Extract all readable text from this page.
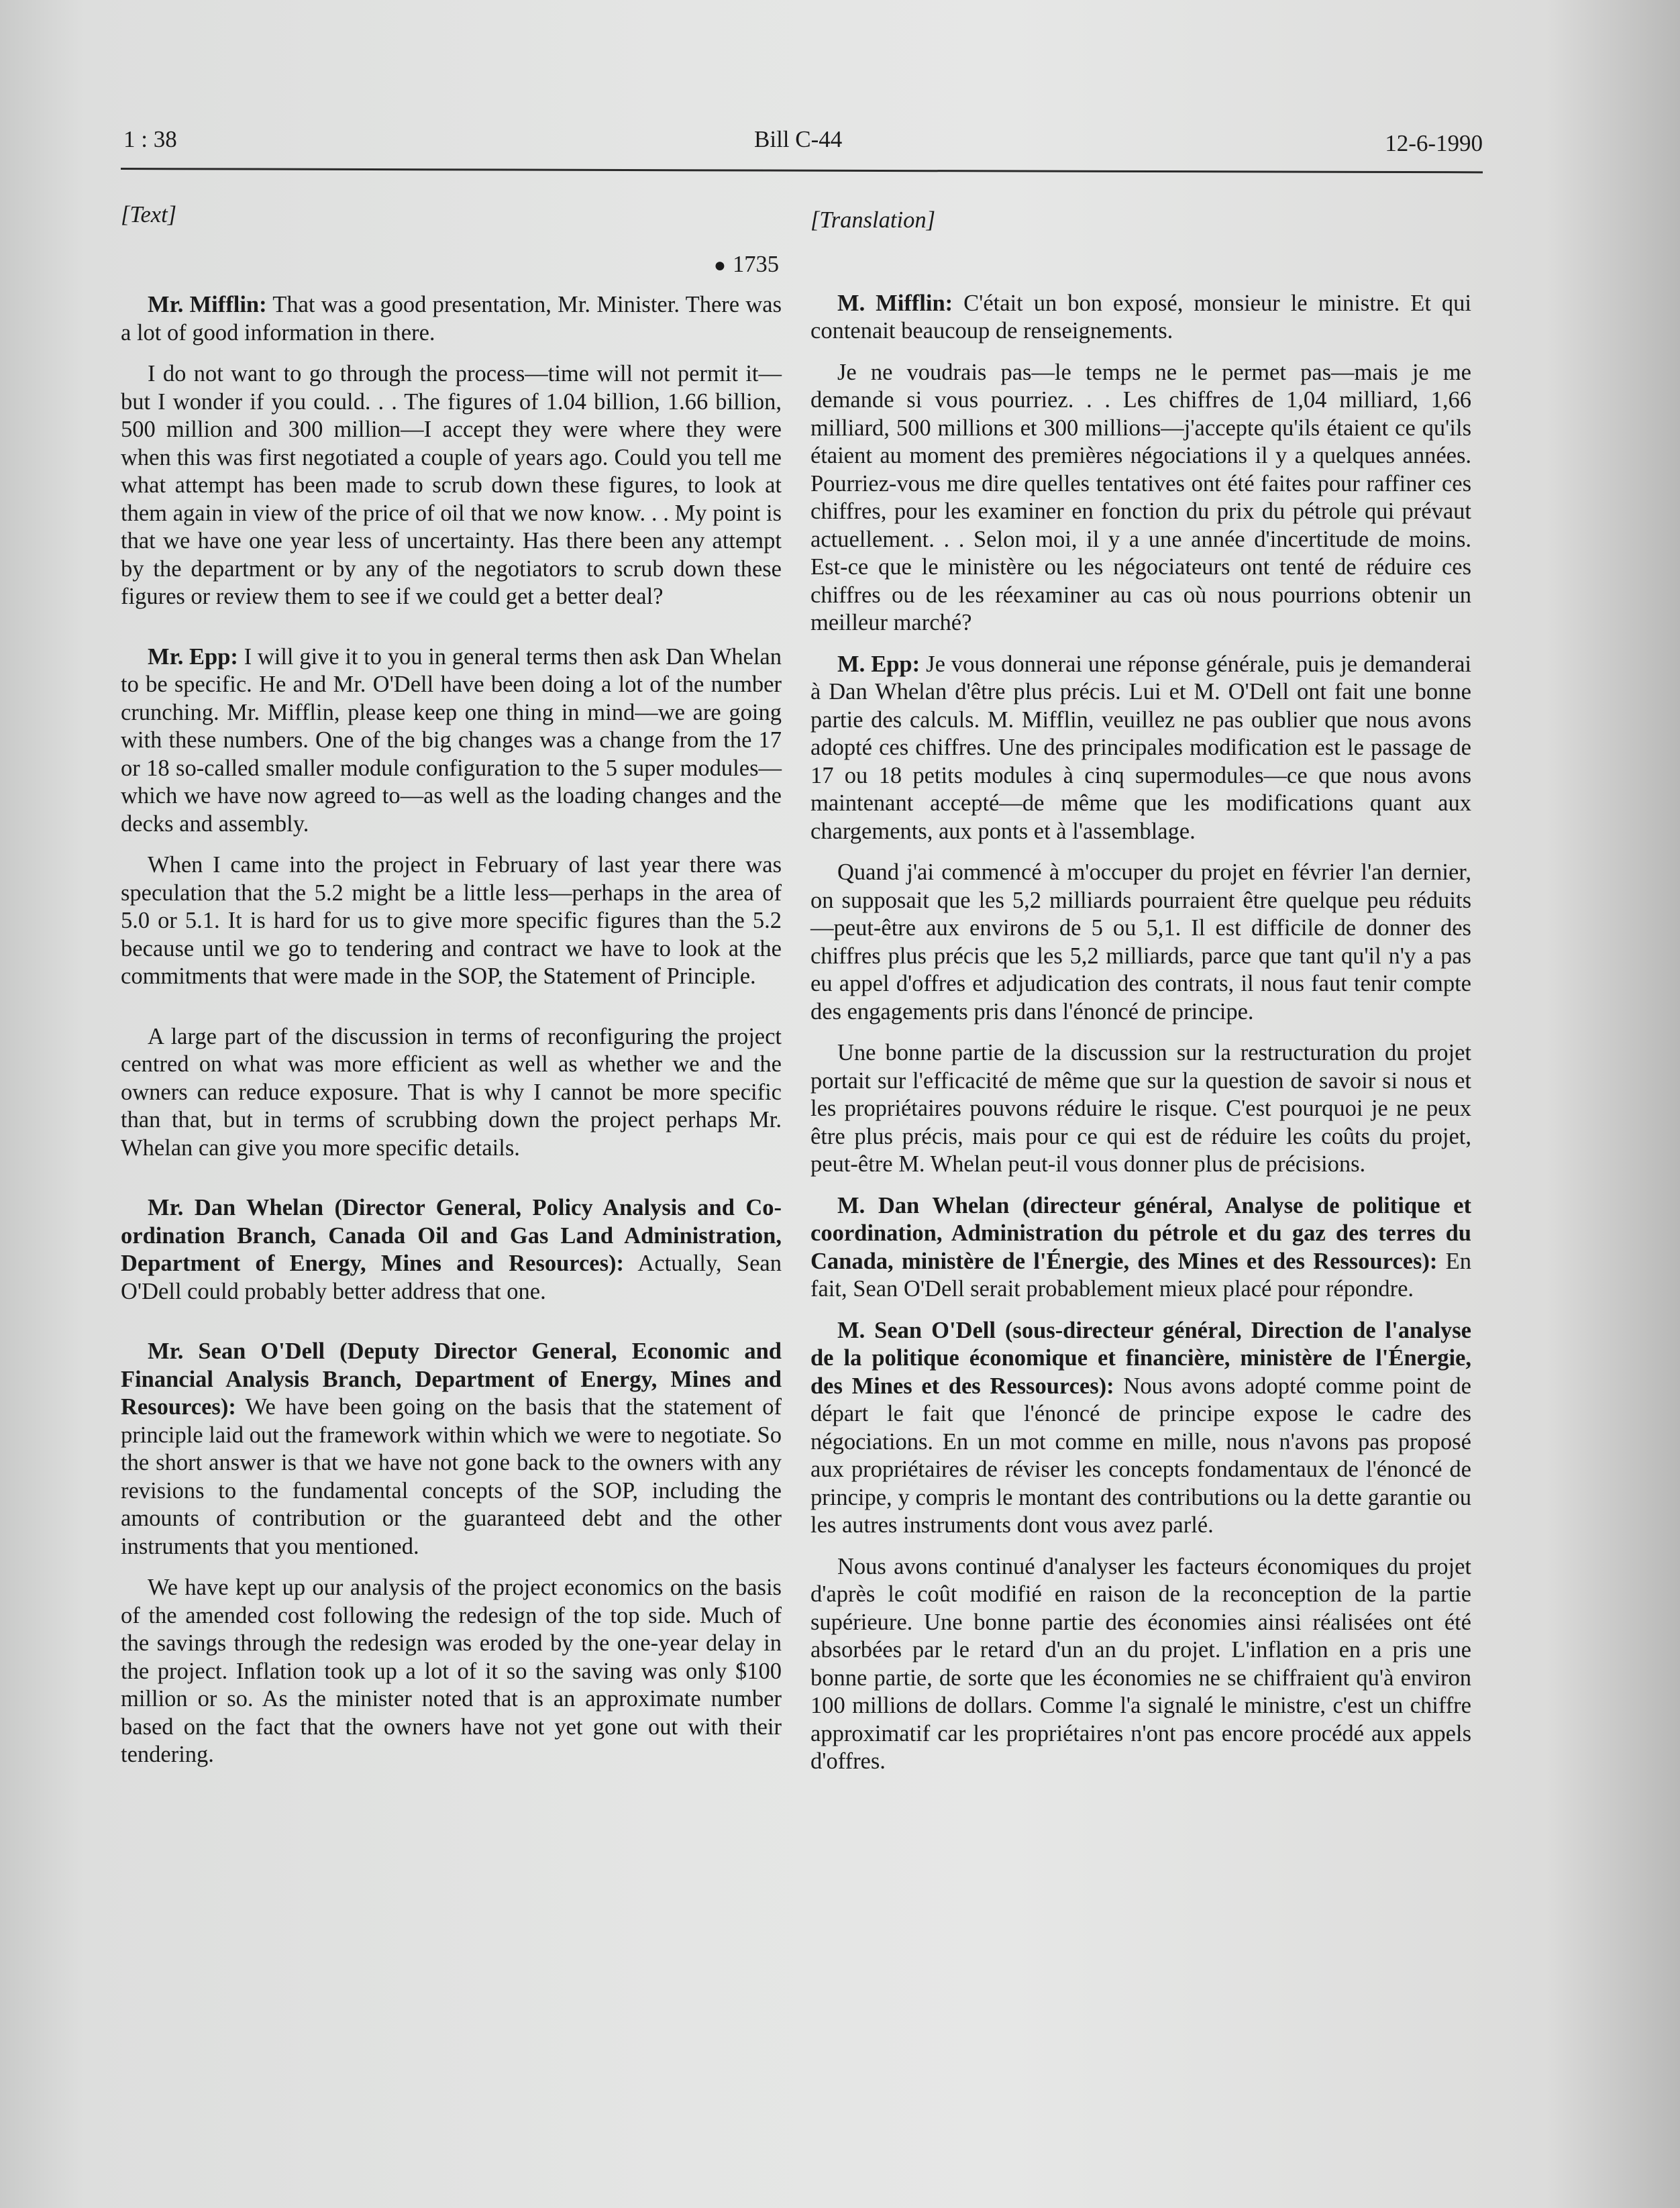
1 : 38	Bill C-44	12-6-1990
[Text]
● 1735

Mr. Mifflin: That was a good presentation, Mr. Minister. There was a lot of good information in there.

I do not want to go through the process—time will not permit it—but I wonder if you could. . . The figures of 1.04 billion, 1.66 billion, 500 million and 300 million—I accept they were where they were when this was first negotiated a couple of years ago. Could you tell me what attempt has been made to scrub down these figures, to look at them again in view of the price of oil that we now know. . . My point is that we have one year less of uncertainty. Has there been any attempt by the department or by any of the negotiators to scrub down these figures or review them to see if we could get a better deal?

Mr. Epp: I will give it to you in general terms then ask Dan Whelan to be specific. He and Mr. O'Dell have been doing a lot of the number crunching. Mr. Mifflin, please keep one thing in mind—we are going with these numbers. One of the big changes was a change from the 17 or 18 so-called smaller module configuration to the 5 super modules—which we have now agreed to—as well as the loading changes and the decks and assembly.

When I came into the project in February of last year there was speculation that the 5.2 might be a little less—perhaps in the area of 5.0 or 5.1. It is hard for us to give more specific figures than the 5.2 because until we go to tendering and contract we have to look at the commitments that were made in the SOP, the Statement of Principle.

A large part of the discussion in terms of reconfiguring the project centred on what was more efficient as well as whether we and the owners can reduce exposure. That is why I cannot be more specific than that, but in terms of scrubbing down the project perhaps Mr. Whelan can give you more specific details.

Mr. Dan Whelan (Director General, Policy Analysis and Co-ordination Branch, Canada Oil and Gas Land Administration, Department of Energy, Mines and Resources): Actually, Sean O'Dell could probably better address that one.

Mr. Sean O'Dell (Deputy Director General, Economic and Financial Analysis Branch, Department of Energy, Mines and Resources): We have been going on the basis that the statement of principle laid out the framework within which we were to negotiate. So the short answer is that we have not gone back to the owners with any revisions to the fundamental concepts of the SOP, including the amounts of contribution or the guaranteed debt and the other instruments that you mentioned.

We have kept up our analysis of the project economics on the basis of the amended cost following the redesign of the top side. Much of the savings through the redesign was eroded by the one-year delay in the project. Inflation took up a lot of it so the saving was only $100 million or so. As the minister noted that is an approximate number based on the fact that the owners have not yet gone out with their tendering.

[Translation]

M. Mifflin: C'était un bon exposé, monsieur le ministre. Et qui contenait beaucoup de renseignements.

Je ne voudrais pas—le temps ne le permet pas—mais je me demande si vous pourriez. . . Les chiffres de 1,04 milliard, 1,66 milliard, 500 millions et 300 millions—j'accepte qu'ils étaient ce qu'ils étaient au moment des premières négociations il y a quelques années. Pourriez-vous me dire quelles tentatives ont été faites pour raffiner ces chiffres, pour les examiner en fonction du prix du pétrole qui prévaut actuellement. . . Selon moi, il y a une année d'incertitude de moins. Est-ce que le ministère ou les négociateurs ont tenté de réduire ces chiffres ou de les réexaminer au cas où nous pourrions obtenir un meilleur marché?

M. Epp: Je vous donnerai une réponse générale, puis je demanderai à Dan Whelan d'être plus précis. Lui et M. O'Dell ont fait une bonne partie des calculs. M. Mifflin, veuillez ne pas oublier que nous avons adopté ces chiffres. Une des principales modification est le passage de 17 ou 18 petits modules à cinq supermodules—ce que nous avons maintenant accepté—de même que les modifications quant aux chargements, aux ponts et à l'assemblage.

Quand j'ai commencé à m'occuper du projet en février l'an dernier, on supposait que les 5,2 milliards pourraient être quelque peu réduits—peut-être aux environs de 5 ou 5,1. Il est difficile de donner des chiffres plus précis que les 5,2 milliards, parce que tant qu'il n'y a pas eu appel d'offres et adjudication des contrats, il nous faut tenir compte des engagements pris dans l'énoncé de principe.

Une bonne partie de la discussion sur la restructuration du projet portait sur l'efficacité de même que sur la question de savoir si nous et les propriétaires pouvons réduire le risque. C'est pourquoi je ne peux être plus précis, mais pour ce qui est de réduire les coûts du projet, peut-être M. Whelan peut-il vous donner plus de précisions.

M. Dan Whelan (directeur général, Analyse de politique et coordination, Administration du pétrole et du gaz des terres du Canada, ministère de l'Énergie, des Mines et des Ressources): En fait, Sean O'Dell serait probablement mieux placé pour répondre.

M. Sean O'Dell (sous-directeur général, Direction de l'analyse de la politique économique et financière, ministère de l'Énergie, des Mines et des Ressources): Nous avons adopté comme point de départ le fait que l'énoncé de principe expose le cadre des négociations. En un mot comme en mille, nous n'avons pas proposé aux propriétaires de réviser les concepts fondamentaux de l'énoncé de principe, y compris le montant des contributions ou la dette garantie ou les autres instruments dont vous avez parlé.

Nous avons continué d'analyser les facteurs économiques du projet d'après le coût modifié en raison de la reconception de la partie supérieure. Une bonne partie des économies ainsi réalisées ont été absorbées par le retard d'un an du projet. L'inflation en a pris une bonne partie, de sorte que les économies ne se chiffraient qu'à environ 100 millions de dollars. Comme l'a signalé le ministre, c'est un chiffre approximatif car les propriétaires n'ont pas encore procédé aux appels d'offres.
